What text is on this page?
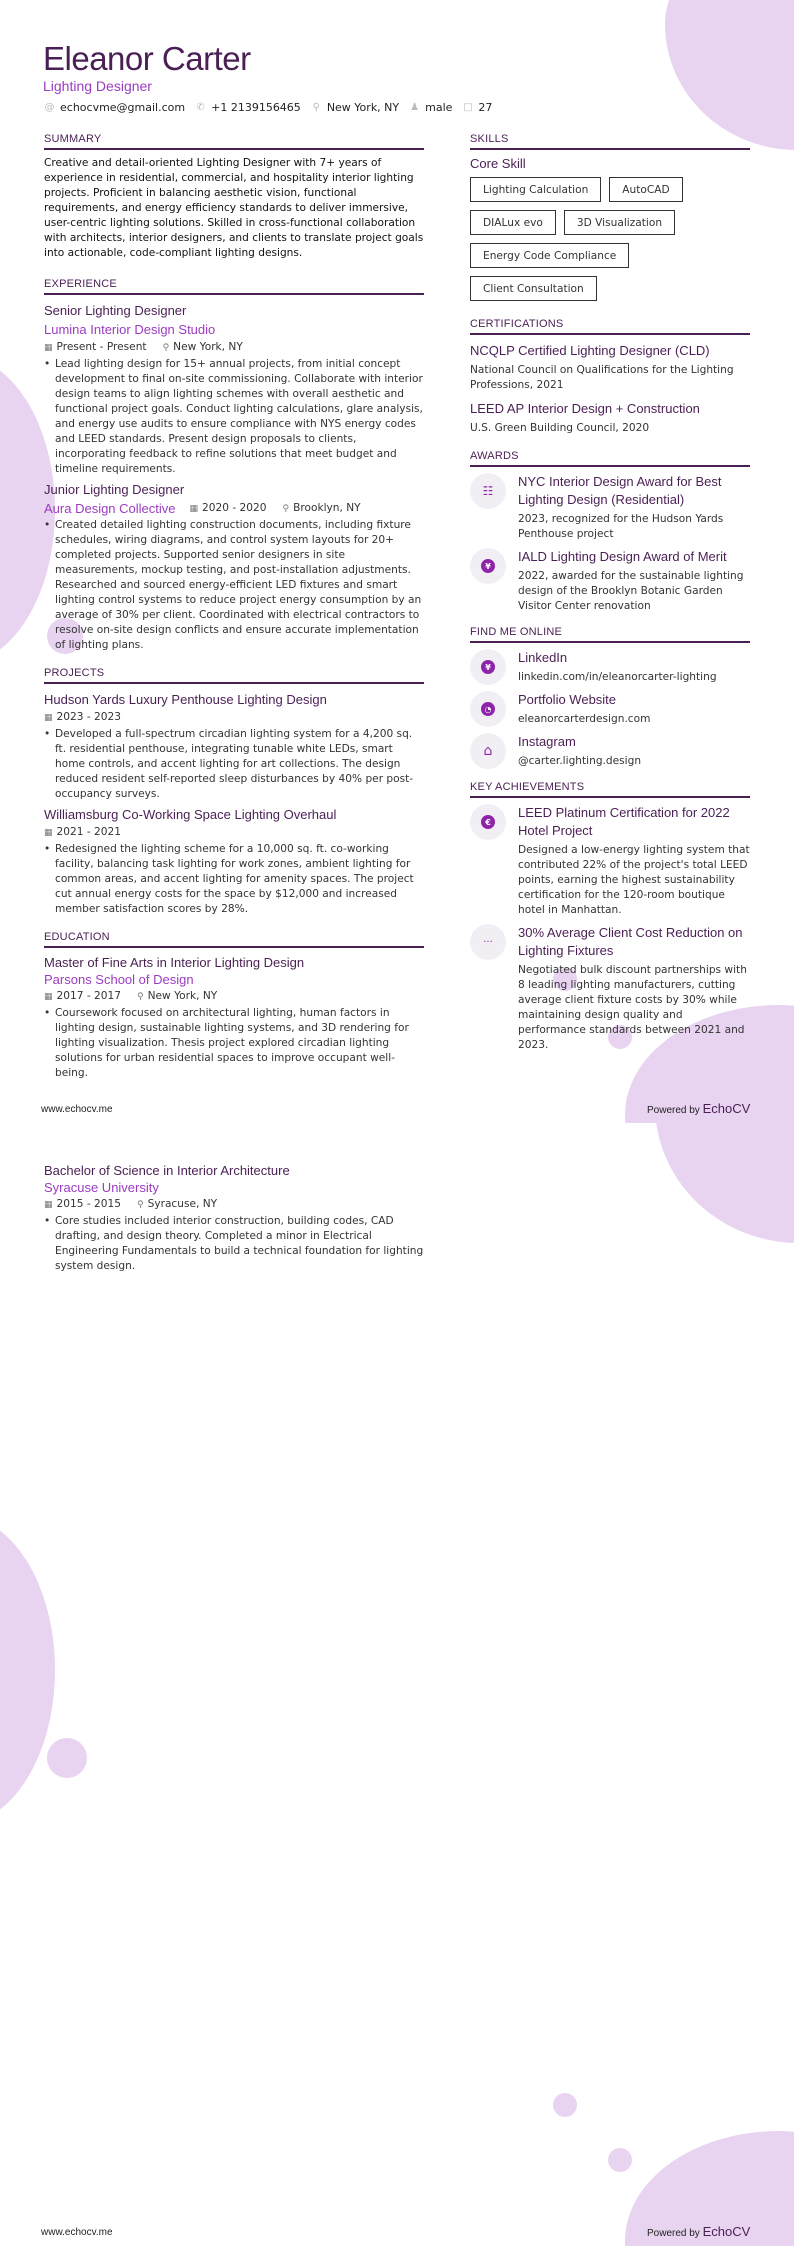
Eleanor Carter
Lighting Designer
@ echocvme@gmail.com ✆ +1 2139156465 ⚲ New York, NY ♟ male □ 27
SUMMARY

Creative and detail-oriented Lighting Designer with 7+ years of experience in residential, commercial, and hospitality interior lighting projects. Proficient in balancing aesthetic vision, functional requirements, and energy efficiency standards to deliver immersive, user-centric lighting solutions. Skilled in cross-functional collaboration with architects, interior designers, and clients to translate project goals into actionable, code-compliant lighting designs.

EXPERIENCE
Senior Lighting Designer
Lumina Interior Design Studio
▦ Present - Present ⚲ New York, NY
• Lead lighting design for 15+ annual projects, from initial concept development to final on-site commissioning. Collaborate with interior design teams to align lighting schemes with overall aesthetic and functional project goals. Conduct lighting calculations, glare analysis, and energy use audits to ensure compliance with NYS energy codes and LEED standards. Present design proposals to clients, incorporating feedback to refine solutions that meet budget and timeline requirements.
Junior Lighting Designer
Aura Design Collective ▦ 2020 - 2020 ⚲ Brooklyn, NY
• Created detailed lighting construction documents, including fixture schedules, wiring diagrams, and control system layouts for 20+ completed projects. Supported senior designers in site measurements, mockup testing, and post-installation adjustments. Researched and sourced energy-efficient LED fixtures and smart lighting control systems to reduce project energy consumption by an average of 30% per client. Coordinated with electrical contractors to resolve on-site design conflicts and ensure accurate implementation of lighting plans.
PROJECTS
Hudson Yards Luxury Penthouse Lighting Design
▦ 2023 - 2023
• Developed a full-spectrum circadian lighting system for a 4,200 sq. ft. residential penthouse, integrating tunable white LEDs, smart home controls, and accent lighting for art collections. The design reduced resident self-reported sleep disturbances by 40% per post-occupancy surveys.
Williamsburg Co-Working Space Lighting Overhaul
▦ 2021 - 2021
• Redesigned the lighting scheme for a 10,000 sq. ft. co-working facility, balancing task lighting for work zones, ambient lighting for common areas, and accent lighting for amenity spaces. The project cut annual energy costs for the space by $12,000 and increased member satisfaction scores by 28%.
EDUCATION
Master of Fine Arts in Interior Lighting Design
Parsons School of Design
▦ 2017 - 2017 ⚲ New York, NY
• Coursework focused on architectural lighting, human factors in lighting design, sustainable lighting systems, and 3D rendering for lighting visualization. Thesis project explored circadian lighting solutions for urban residential spaces to improve occupant well-being.
SKILLS
Core Skill
Lighting Calculation	AutoCAD
DIALux evo	3D Visualization
Energy Code Compliance
Client Consultation
CERTIFICATIONS
NCQLP Certified Lighting Designer (CLD)
National Council on Qualifications for the Lighting Professions, 2021
LEED AP Interior Design + Construction
U.S. Green Building Council, 2020
AWARDS
☷
NYC Interior Design Award for Best Lighting Design (Residential)
2023, recognized for the Hudson Yards Penthouse project
¥
IALD Lighting Design Award of Merit
2022, awarded for the sustainable lighting design of the Brooklyn Botanic Garden Visitor Center renovation
FIND ME ONLINE
¥
LinkedIn
linkedin.com/in/eleanorcarter-lighting
◔
Portfolio Website
eleanorcarterdesign.com
⌂
Instagram
@carter.lighting.design
KEY ACHIEVEMENTS
€
LEED Platinum Certification for 2022 Hotel Project
Designed a low-energy lighting system that contributed 22% of the project's total LEED points, earning the highest sustainability certification for the 120-room boutique hotel in Manhattan.
···
30% Average Client Cost Reduction on Lighting Fixtures
Negotiated bulk discount partnerships with 8 leading lighting manufacturers, cutting average client fixture costs by 30% while maintaining design quality and performance standards between 2021 and 2023.
www.echocv.me	Powered by EchoCV
Bachelor of Science in Interior Architecture
Syracuse University
▦ 2015 - 2015 ⚲ Syracuse, NY
• Core studies included interior construction, building codes, CAD drafting, and design theory. Completed a minor in Electrical Engineering Fundamentals to build a technical foundation for lighting system design.
www.echocv.me	Powered by EchoCV
